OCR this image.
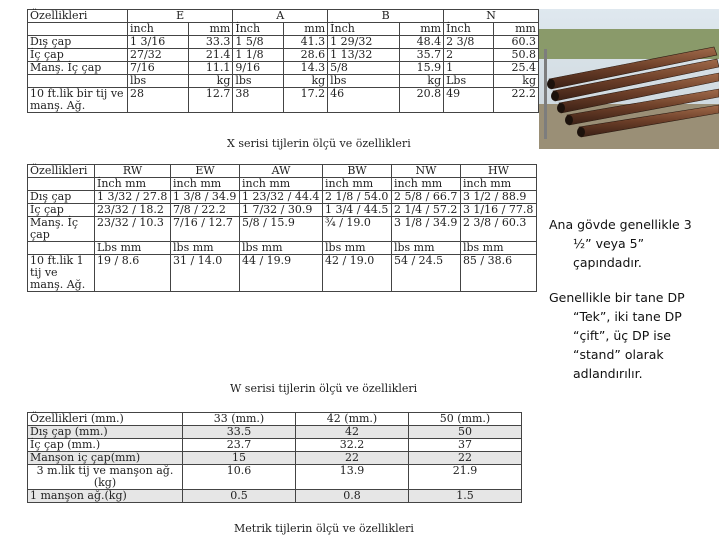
Özellikleri	E		A		B		N	
	inch	mm	İnch	mm	İnch	mm	İnch	mm
Dış çap	1 3/16	33.3	1 5/8	41.3	1 29/32	48.4	2 3/8	60.3
İç çap	27/32	21.4	1 1/8	28.6	1 13/32	35.7	2	50.8
Manş. İç çap	7/16	11.1	9/16	14.3	5/8	15.9	1	25.4
	lbs	kg	lbs	kg	lbs	kg	Lbs	kg
10 ft.lik bir tij ve manş. Ağ.	28	12.7	38	17.2	46	20.8	49	22.2
X serisi tijlerin ölçü ve özellikleri
Özellikleri	RW	EW	AW	BW	NW	HW
	İnch mm	inch mm	inch mm	inch mm	inch mm	inch mm
Dış çap	1 3/32 / 27.8	1 3/8 / 34.9	1 23/32 / 44.4	2 1/8 / 54.0	2 5/8 / 66.7	3 1/2 / 88.9
İç çap	23/32 / 18.2	7/8 / 22.2	1 7/32 / 30.9	1 3/4 / 44.5	2 1/4 / 57.2	3 1/16 / 77.8
Manş. İç çap	23/32 / 10.3	7/16 / 12.7	5/8 / 15.9	¾ / 19.0	3 1/8 / 34.9	2 3/8 / 60.3
	Lbs mm	lbs mm	lbs mm	lbs mm	lbs mm	lbs mm
10 ft.lik 1 tij ve manş. Ağ.	19 / 8.6	31 / 14.0	44 / 19.9	42 / 19.0	54 / 24.5	85 / 38.6
W serisi tijlerin ölçü ve özellikleri
Özellikleri (mm.)	33 (mm.)	42 (mm.)	50 (mm.)
Dış çap (mm.)	33.5	42	50
İç çap (mm.)	23.7	32.2	37
Manşon iç çap(mm)	15	22	22
3 m.lik tij ve manşon ağ.(kg)	10.6	13.9	21.9
1 manşon ağ.(kg)	0.5	0.8	1.5
Metrik tijlerin ölçü ve özellikleri

Ana gövde genellikle 3 ½” veya 5” çapındadır.

Genellikle bir tane DP “Tek”, iki tane DP “çift”, üç DP ise “stand” olarak adlandırılır.
